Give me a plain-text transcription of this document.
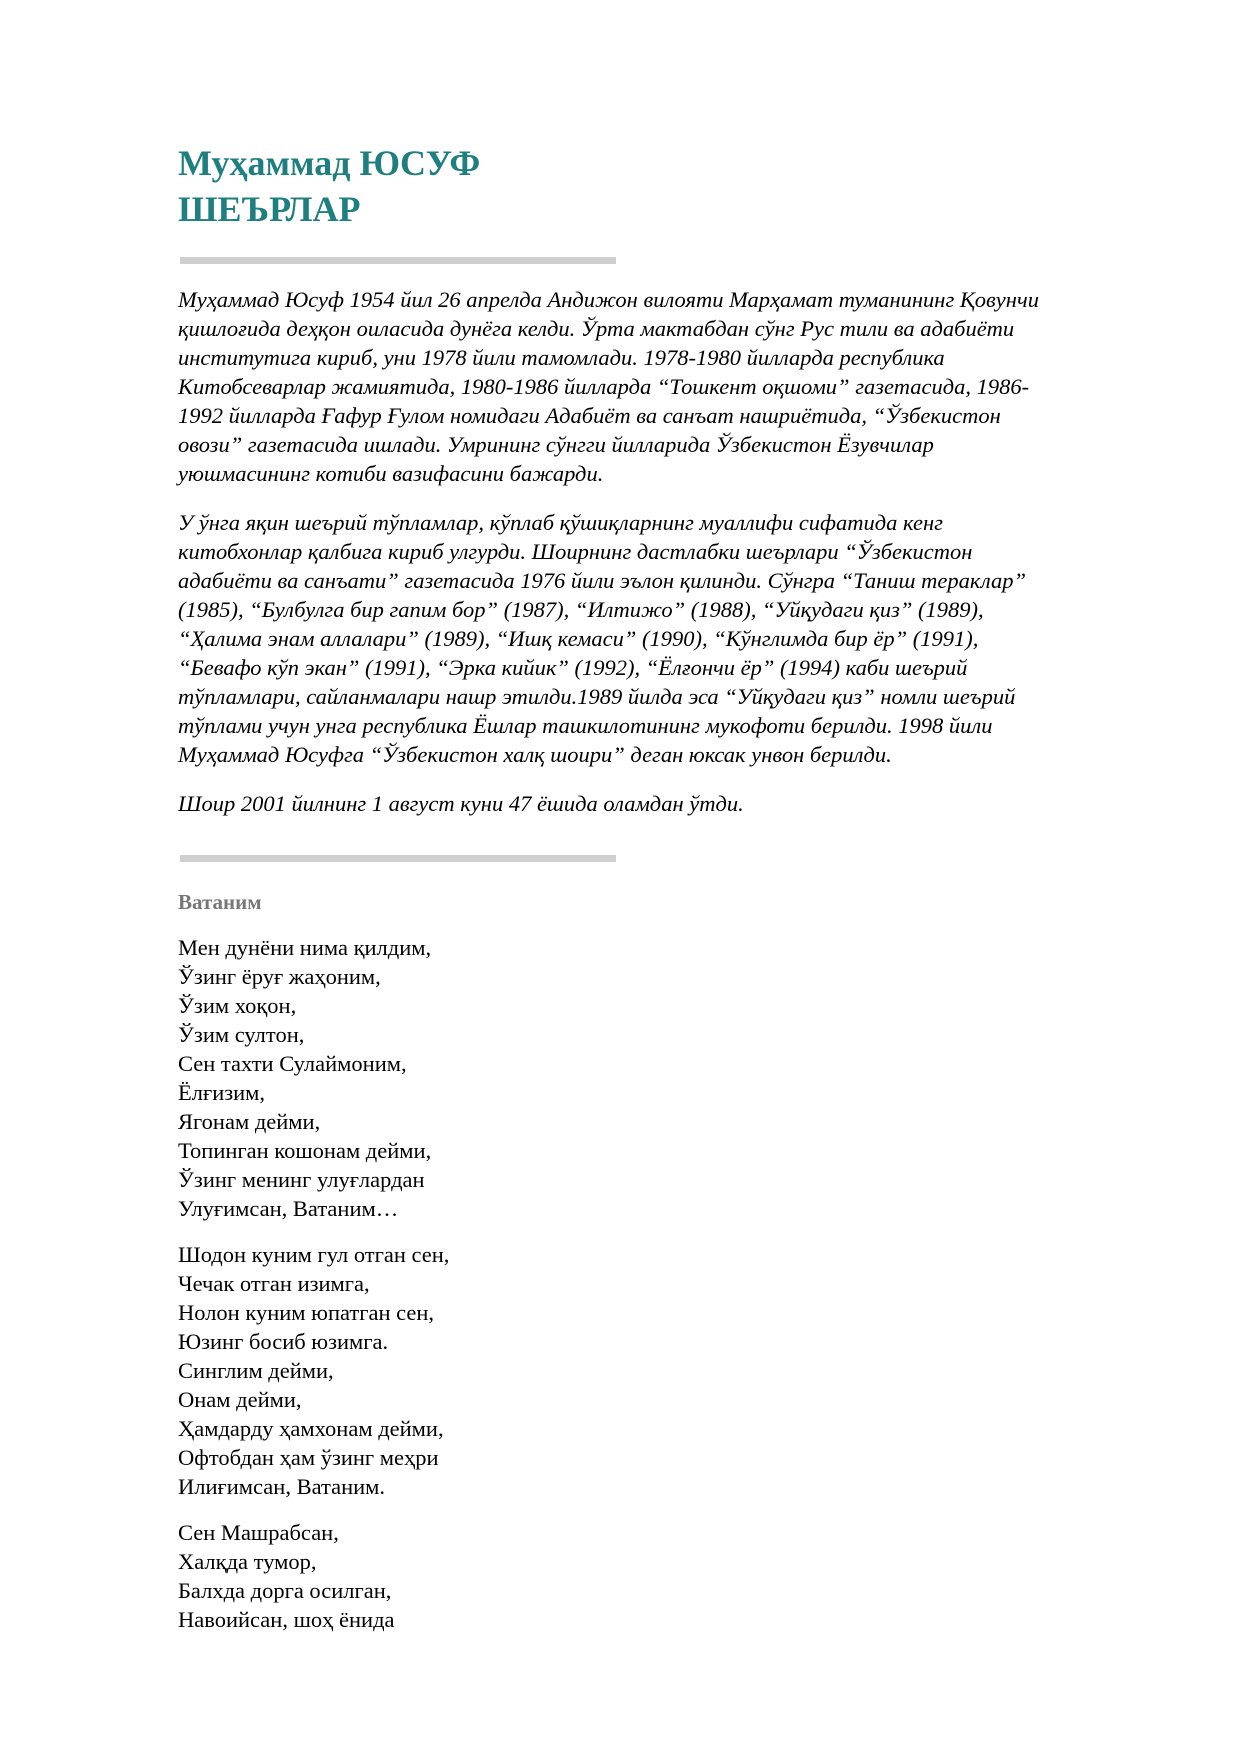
Муҳаммад ЮСУФ
ШЕЪРЛАР

Муҳаммад Юсуф 1954 йил 26 апрелда Андижон вилояти Марҳамат туманининг Қовунчи
қишлоғида деҳқон оиласида дунёга келди. Ўрта мактабдан сўнг Рус тили ва адабиёти
институтига кириб, уни 1978 йили тамомлади. 1978-1980 йилларда республика
Китобсеварлар жамиятида, 1980-1986 йилларда “Тошкент оқшоми” газетасида, 1986-
1992 йилларда Ғафур Ғулом номидаги Адабиёт ва санъат нашриётида, “Ўзбекистон
овози” газетасида ишлади. Умрининг сўнгги йилларида Ўзбекистон Ёзувчилар
уюшмасининг котиби вазифасини бажарди.

У ўнга яқин шеърий тўпламлар, кўплаб қўшиқларнинг муаллифи сифатида кенг
китобхонлар қалбига кириб улгурди. Шоирнинг дастлабки шеърлари “Ўзбекистон
адабиёти ва санъати” газетасида 1976 йили эълон қилинди. Сўнгра “Таниш тераклар”
(1985), “Булбулга бир гапим бор” (1987), “Илтижо” (1988), “Уйқудаги қиз” (1989),
“Ҳалима энам аллалари” (1989), “Ишқ кемаси” (1990), “Кўнглимда бир ёр” (1991),
“Бевафо кўп экан” (1991), “Эрка кийик” (1992), “Ёлғончи ёр” (1994) каби шеърий
тўпламлари, сайланмалари нашр этилди.1989 йилда эса “Уйқудаги қиз” номли шеърий
тўплами учун унга республика Ёшлар ташкилотининг мукофоти берилди. 1998 йили
Муҳаммад Юсуфга “Ўзбекистон халқ шоири” деган юксак унвон берилди.

Шоир 2001 йилнинг 1 август куни 47 ёшида оламдан ўтди.

Ватаним
Мен дунёни нима қилдим,
Ўзинг ёруғ жаҳоним,
Ўзим хоқон,
Ўзим султон,
Сен тахти Сулаймоним,
Ёлғизим,
Ягонам дейми,
Топинган кошонам дейми,
Ўзинг менинг улуғлардан
Улуғимсан, Ватаним…
Шодон куним гул отган сен,
Чечак отган изимга,
Нолон куним юпатган сен,
Юзинг босиб юзимга.
Синглим дейми,
Онам дейми,
Ҳамдарду ҳамхонам дейми,
Офтобдан ҳам ўзинг меҳри
Илиғимсан, Ватаним.
Сен Машрабсан,
Халқда тумор,
Балхда дорга осилган,
Навоийсан, шоҳ ёнида
